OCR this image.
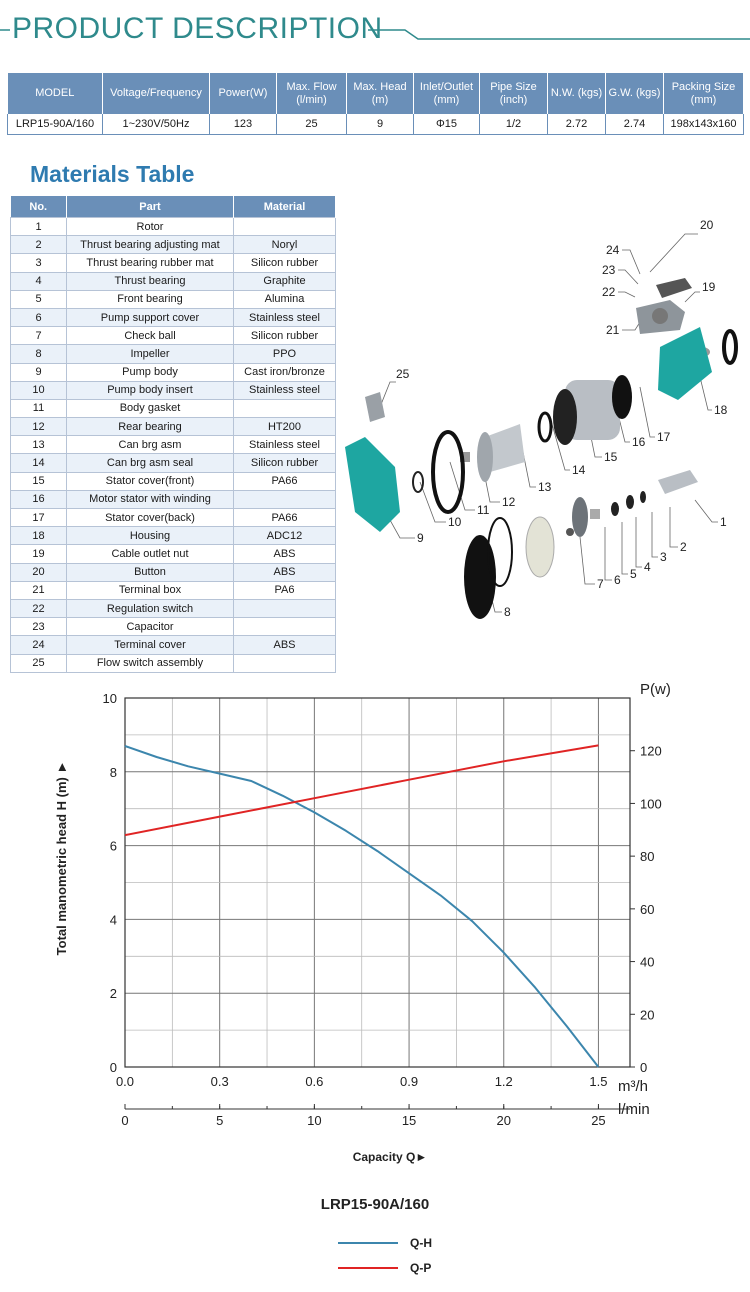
PRODUCT DESCRIPTION
MODEL	Voltage/Frequency	Power(W)	Max. Flow (l/min)	Max. Head (m)	Inlet/Outlet (mm)	Pipe Size (inch)	N.W. (kgs)	G.W. (kgs)	Packing Size (mm)
LRP15-90A/160	1~230V/50Hz	123	25	9	Φ15	1/2	2.72	2.74	198x143x160
Materials Table
No.	Part	Material
1	Rotor	
2	Thrust bearing adjusting mat	Noryl
3	Thrust bearing rubber mat	Silicon rubber
4	Thrust bearing	Graphite
5	Front bearing	Alumina
6	Pump support cover	Stainless steel
7	Check ball	Silicon rubber
8	Impeller	PPO
9	Pump body	Cast iron/bronze
10	Pump body insert	Stainless steel
11	Body gasket	
12	Rear bearing	HT200
13	Can brg asm	Stainless steel
14	Can brg asm seal	Silicon rubber
15	Stator cover(front)	PA66
16	Motor stator with winding	
17	Stator cover(back)	PA66
18	Housing	ADC12
19	Cable outlet nut	ABS
20	Button	ABS
21	Terminal box	PA6
22	Regulation switch	
23	Capacitor	
24	Terminal cover	ABS
25	Flow switch assembly	
1
2
3
4
5
6
7
8
9
10
11
12
13
14
15
16 17
18
19
20
21
22
23
24
25
0.0	0.3	0.6	0.9	1.2	1.5
0	5	10	15	20	25
0
2
4
6
8
10
0
20
40
60
80
100
120
Total manometric head H (m) ►
P(w)
m³/h
l/min
Capacity Q►
LRP15-90A/160
Q-H
Q-P
